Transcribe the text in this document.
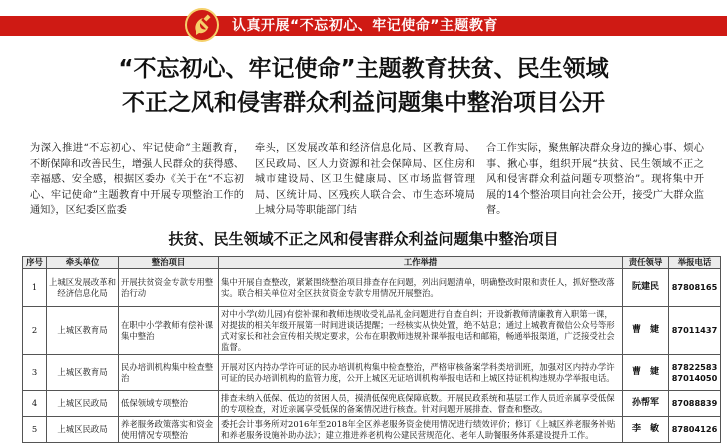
认真开展“不忘初心、牢记使命”主题教育
“不忘初心、牢记使命”主题教育扶贫、民生领域
不正之风和侵害群众利益问题集中整治项目公开
为深入推进“不忘初心、牢记使命”主题教育，不断保障和改善民生，增强人民群众的获得感、幸福感、安全感，根据区委办《关于在“不忘初心、牢记使命”主题教育中开展专项整治工作的通知》，区纪委区监委
牵头，区发展改革和经济信息化局、区教育局、区民政局、区人力资源和社会保障局、区住房和城市建设局、区卫生健康局、区市场监督管理局、区统计局、区残疾人联合会、市生态环境局上城分局等职能部门结
合工作实际，聚焦解决群众身边的操心事、烦心事、揪心事，组织开展“扶贫、民生领域不正之风和侵害群众利益问题专项整治”。现将集中开展的14个整治项目向社会公开，接受广大群众监督。
扶贫、民生领域不正之风和侵害群众利益问题集中整治项目
序号	牵头单位	整治项目	工作举措	责任领导	举报电话
1	上城区发展改革和经济信息化局	开展扶贫资金专款专用整治行动	集中开展自查整改，紧紧围绕整治项目排查存在问题，列出问题清单，明确整改时限和责任人，抓好整改落实。联合相关单位对全区扶贫资金专款专用情况开展整治。	阮建民	87808165

2	上城区教育局	在职中小学教师有偿补课集中整治	对中小学(幼儿园)有偿补课和教师违规收受礼品礼金问题进行自查自纠；开设新教师清廉教育入职第一课，对提拔的相关年级开展第一时间进谈话提醒；一经核实从快处置，绝不姑息；通过上城教育微信公众号等形式对家长和社会宣传相关规定要求，公布在职教师违规补课举报电话和邮箱，畅通举报渠道，广泛接受社会监督。	曹　婕	87011437

3	上城区教育局	民办培训机构集中检查整治	开展对区内持办学许可证的民办培训机构集中检查整治，严格审核备案学科类培训班，加强对区内持办学许可证的民办培训机构的监管力度，公开上城区无证培训机构举报电话和上城区持证机构违规办学举报电话。	曹　婕	87822583
87014050

4	上城区民政局	低保领域专项整治	排查未纳入低保、低边的贫困人员，摸清低保兜底保障底数。开展民政系统和基层工作人员近亲属享受低保的专项检查，对近亲属享受低保的备案情况进行核查。针对问题开展排查、督查和整改。	孙帮军	87088839

5	上城区民政局	养老服务政策落实和资金使用情况专项整治	委托会计事务所对2016年至2018年全区养老服务资金使用情况进行绩效评价；修订《上城区养老服务补贴和养老服务设施补助办法》；建立推进养老机构公建民营规范化、老年人助餐服务体系建设提升工作。	李　敏	87804126
